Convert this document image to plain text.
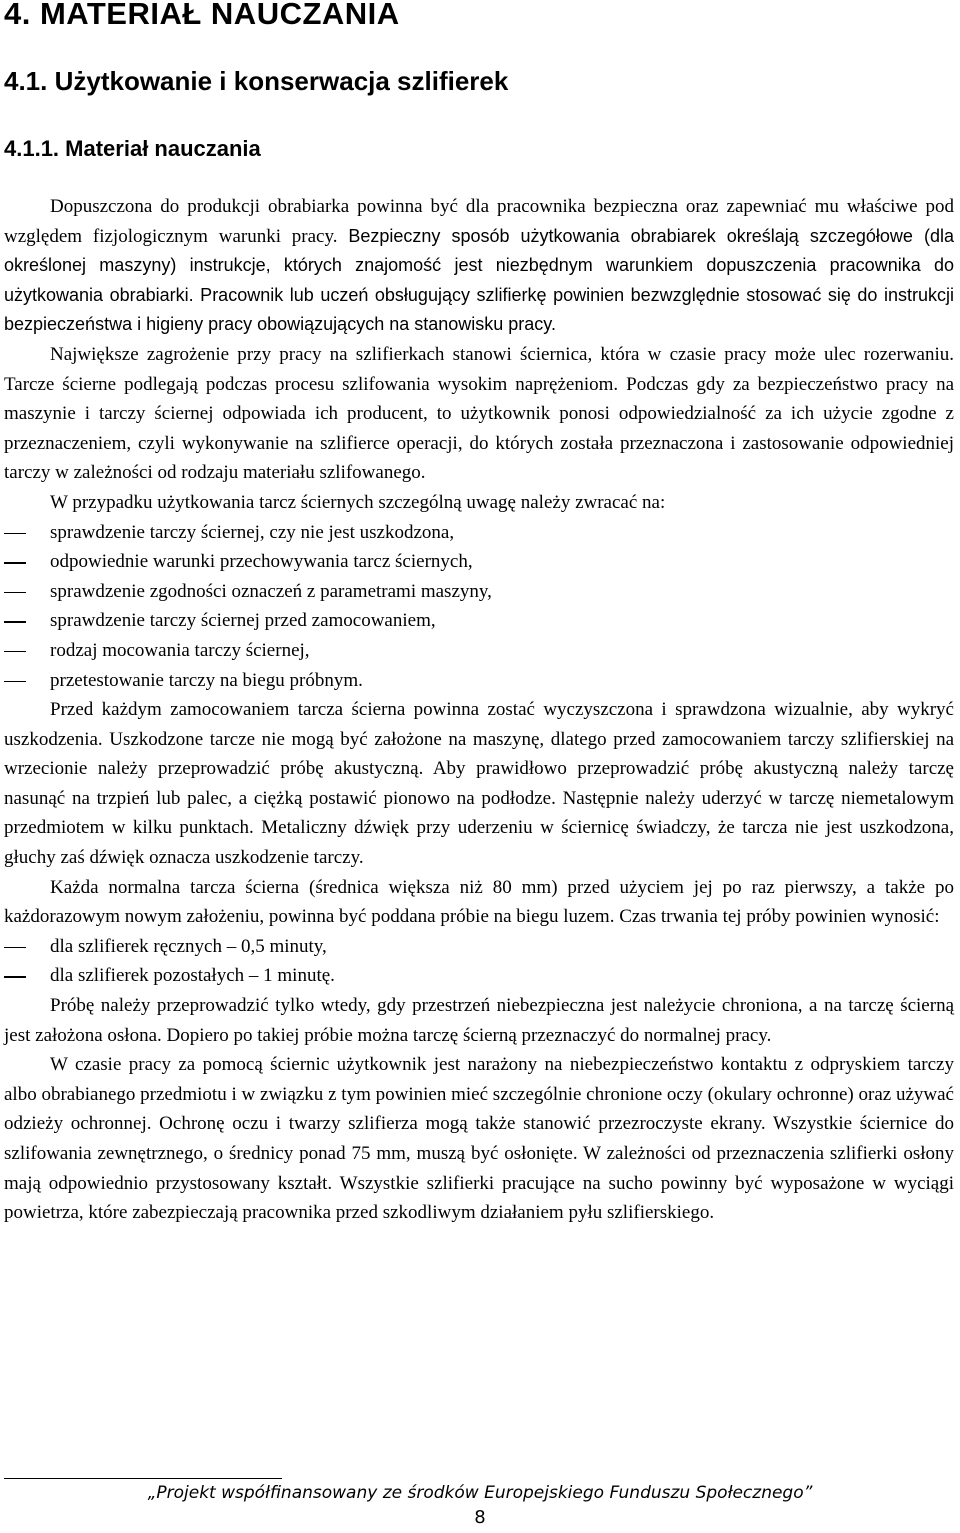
4. MATERIAŁ NAUCZANIA
4.1. Użytkowanie i konserwacja szlifierek
4.1.1. Materiał nauczania

Dopuszczona do produkcji obrabiarka powinna być dla pracownika bezpieczna oraz zapewniać mu właściwe pod względem fizjologicznym warunki pracy. Bezpieczny sposób użytkowania obrabiarek określają szczegółowe (dla określonej maszyny) instrukcje, których znajomość jest niezbędnym warunkiem dopuszczenia pracownika do użytkowania obrabiarki. Pracownik lub uczeń obsługujący szlifierkę powinien bezwzględnie stosować się do instrukcji bezpieczeństwa i higieny pracy obowiązujących na stanowisku pracy.

Największe zagrożenie przy pracy na szlifierkach stanowi ściernica, która w czasie pracy może ulec rozerwaniu. Tarcze ścierne podlegają podczas procesu szlifowania wysokim naprężeniom. Podczas gdy za bezpieczeństwo pracy na maszynie i tarczy ściernej odpowiada ich producent, to użytkownik ponosi odpowiedzialność za ich użycie zgodne z przeznaczeniem, czyli wykonywanie na szlifierce operacji, do których została przeznaczona i zastosowanie odpowiedniej tarczy w zależności od rodzaju materiału szlifowanego.

W przypadku użytkowania tarcz ściernych szczególną uwagę należy zwracać na:

sprawdzenie tarczy ściernej, czy nie jest uszkodzona,
odpowiednie warunki przechowywania tarcz ściernych,
sprawdzenie zgodności oznaczeń z parametrami maszyny,
sprawdzenie tarczy ściernej przed zamocowaniem,
rodzaj mocowania tarczy ściernej,
przetestowanie tarczy na biegu próbnym.

Przed każdym zamocowaniem tarcza ścierna powinna zostać wyczyszczona i sprawdzona wizualnie, aby wykryć uszkodzenia. Uszkodzone tarcze nie mogą być założone na maszynę, dlatego przed zamocowaniem tarczy szlifierskiej na wrzecionie należy przeprowadzić próbę akustyczną. Aby prawidłowo przeprowadzić próbę akustyczną należy tarczę nasunąć na trzpień lub palec, a ciężką postawić pionowo na podłodze. Następnie należy uderzyć w tarczę niemetalowym przedmiotem w kilku punktach. Metaliczny dźwięk przy uderzeniu w ściernicę świadczy, że tarcza nie jest uszkodzona, głuchy zaś dźwięk oznacza uszkodzenie tarczy.

Każda normalna tarcza ścierna (średnica większa niż 80 mm) przed użyciem jej po raz pierwszy, a także po każdorazowym nowym założeniu, powinna być poddana próbie na biegu luzem. Czas trwania tej próby powinien wynosić:

dla szlifierek ręcznych – 0,5 minuty,
dla szlifierek pozostałych – 1 minutę.

Próbę należy przeprowadzić tylko wtedy, gdy przestrzeń niebezpieczna jest należycie chroniona, a na tarczę ścierną jest założona osłona. Dopiero po takiej próbie można tarczę ścierną przeznaczyć do normalnej pracy.

W czasie pracy za pomocą ściernic użytkownik jest narażony na niebezpieczeństwo kontaktu z odpryskiem tarczy albo obrabianego przedmiotu i w związku z tym powinien mieć szczególnie chronione oczy (okulary ochronne) oraz używać odzieży ochronnej. Ochronę oczu i twarzy szlifierza mogą także stanowić przezroczyste ekrany. Wszystkie ściernice do szlifowania zewnętrznego, o średnicy ponad 75 mm, muszą być osłonięte. W zależności od przeznaczenia szlifierki osłony mają odpowiednio przystosowany kształt. Wszystkie szlifierki pracujące na sucho powinny być wyposażone w wyciągi powietrza, które zabezpieczają pracownika przed szkodliwym działaniem pyłu szlifierskiego.

„Projekt współfinansowany ze środków Europejskiego Funduszu Społecznego”
8
